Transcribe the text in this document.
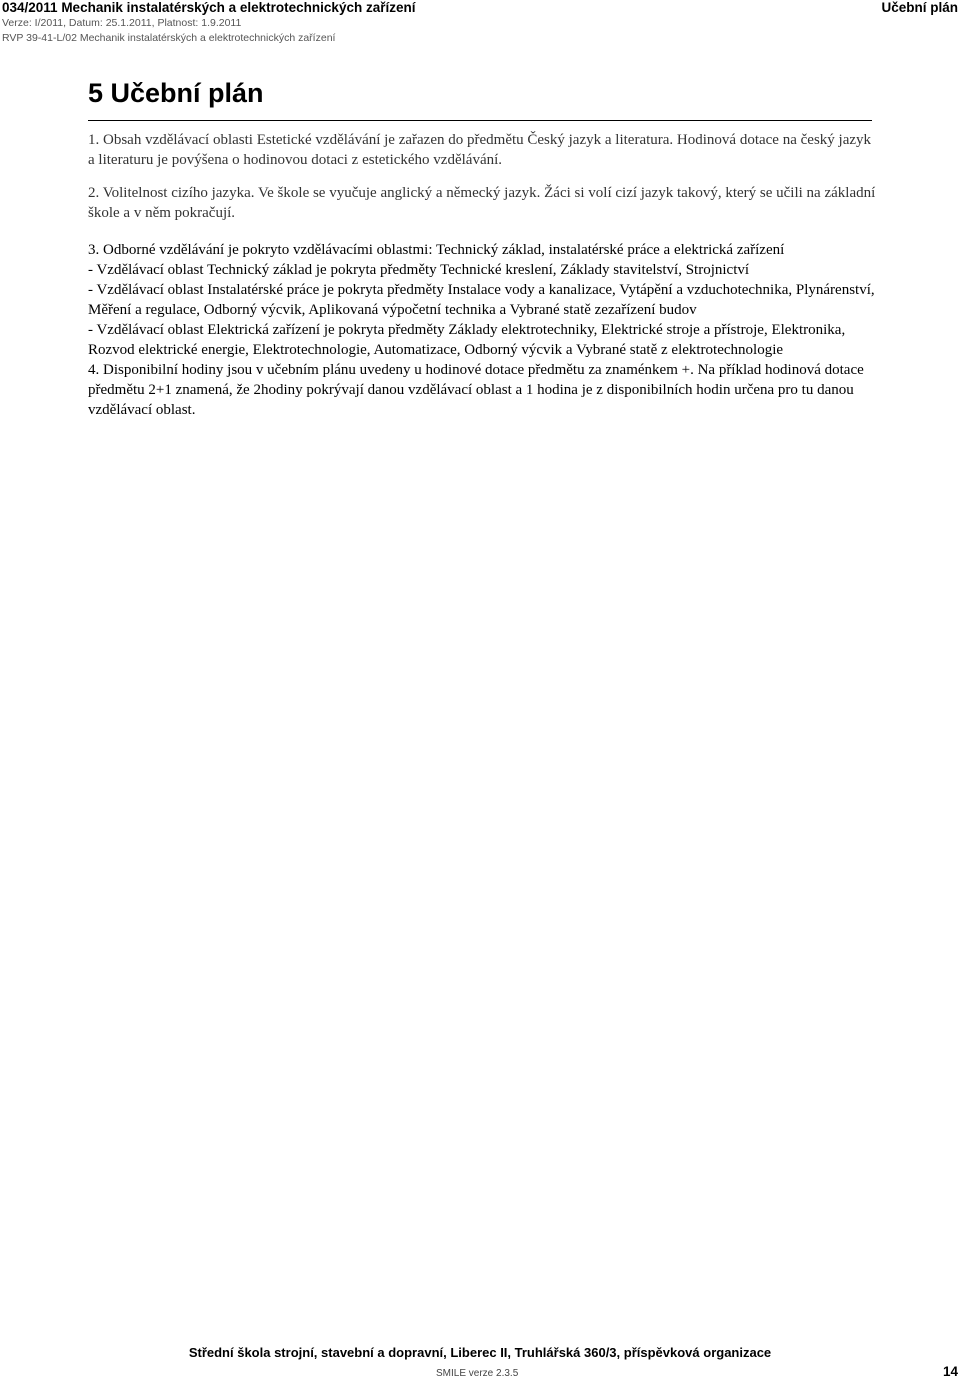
034/2011 Mechanik instalatérských a elektrotechnických zařízení
Verze: I/2011, Datum: 25.1.2011, Platnost: 1.9.2011
RVP 39-41-L/02 Mechanik instalatérských a elektrotechnických zařízení
Učební plán
5 Učební plán

1. Obsah vzdělávací oblasti Estetické vzdělávání je zařazen do předmětu Český jazyk a literatura. Hodinová dotace na český jazyk a literaturu je povýšena o hodinovou dotaci z estetického vzdělávání.

2. Volitelnost cizího jazyka. Ve škole se vyučuje anglický a německý jazyk. Žáci si volí cizí jazyk takový, který se učili na základní škole a v něm pokračují.

3. Odborné vzdělávání je pokryto vzdělávacími oblastmi: Technický základ, instalatérské práce a elektrická zařízení

- Vzdělávací oblast Technický základ je pokryta předměty Technické kreslení, Základy stavitelství, Strojnictví

- Vzdělávací oblast Instalatérské práce je pokryta předměty Instalace vody a kanalizace, Vytápění a vzduchotechnika, Plynárenství, Měření a regulace, Odborný výcvik, Aplikovaná výpočetní technika a Vybrané statě zezařízení budov

- Vzdělávací oblast Elektrická zařízení je pokryta předměty Základy elektrotechniky, Elektrické stroje a přístroje, Elektronika, Rozvod elektrické energie, Elektrotechnologie, Automatizace, Odborný výcvik a Vybrané statě z elektrotechnologie

4. Disponibilní hodiny jsou v učebním plánu uvedeny u hodinové dotace předmětu za znaménkem +. Na příklad hodinová dotace předmětu 2+1 znamená, že 2hodiny pokrývají danou vzdělávací oblast a 1 hodina je z disponibilních hodin určena pro tu danou vzdělávací oblast.

Střední škola strojní, stavební a dopravní, Liberec II, Truhlářská 360/3, příspěvková organizace
SMILE verze 2.3.5	14
